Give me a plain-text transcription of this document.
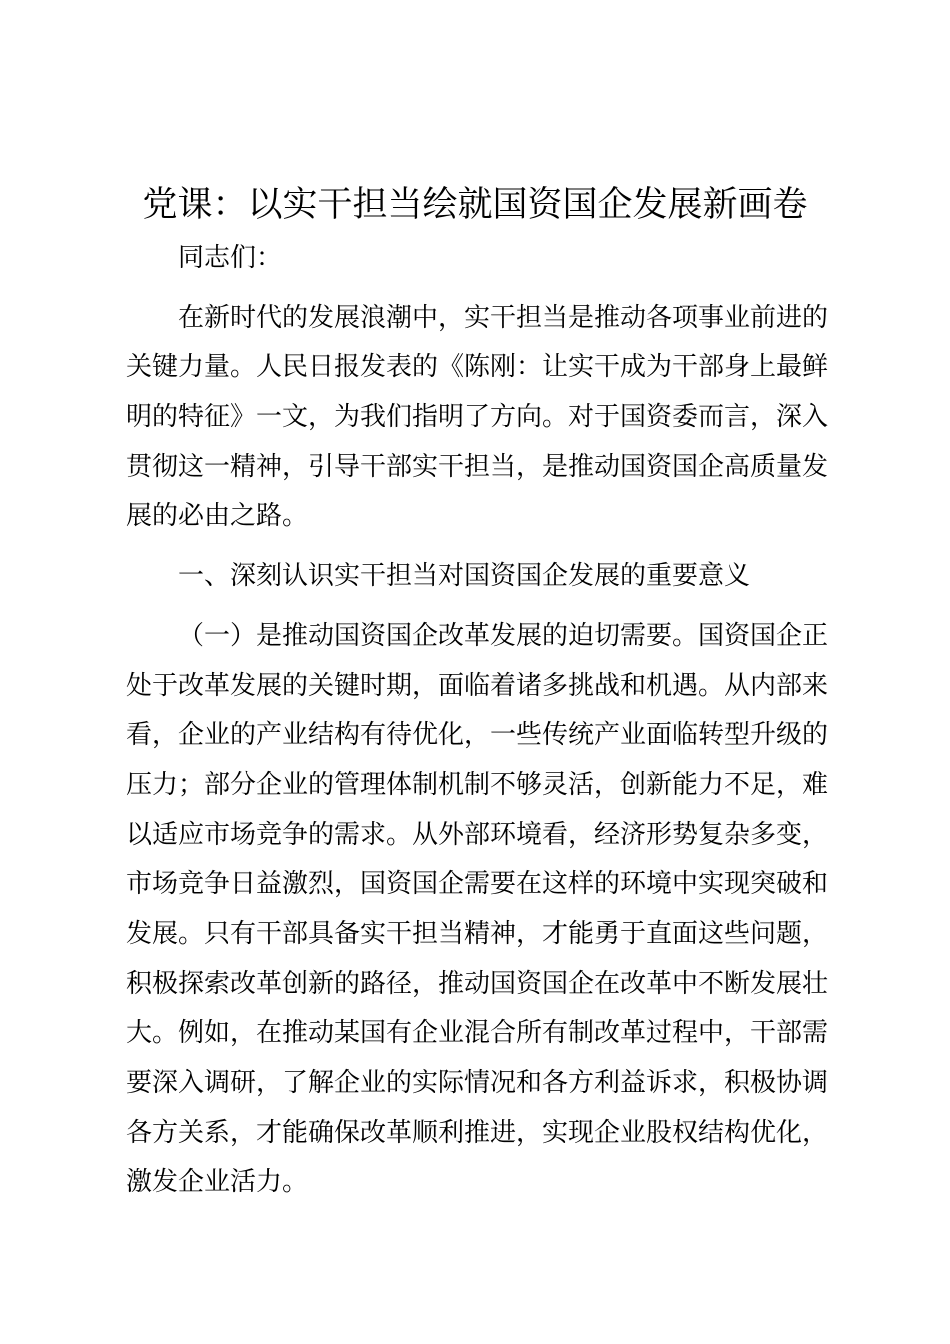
党课：以实干担当绘就国资国企发展新画卷
同志们：
在新时代的发展浪潮中，实干担当是推动各项事业前进的
关键力量。人民日报发表的《陈刚：让实干成为干部身上最鲜
明的特征》一文，为我们指明了方向。对于国资委而言，深入
贯彻这一精神，引导干部实干担当，是推动国资国企高质量发
展的必由之路。
一、深刻认识实干担当对国资国企发展的重要意义
（一）是推动国资国企改革发展的迫切需要。国资国企正
处于改革发展的关键时期，面临着诸多挑战和机遇。从内部来
看，企业的产业结构有待优化，一些传统产业面临转型升级的
压力；部分企业的管理体制机制不够灵活，创新能力不足，难
以适应市场竞争的需求。从外部环境看，经济形势复杂多变，
市场竞争日益激烈，国资国企需要在这样的环境中实现突破和
发展。只有干部具备实干担当精神，才能勇于直面这些问题，
积极探索改革创新的路径，推动国资国企在改革中不断发展壮
大。例如，在推动某国有企业混合所有制改革过程中，干部需
要深入调研，了解企业的实际情况和各方利益诉求，积极协调
各方关系，才能确保改革顺利推进，实现企业股权结构优化，
激发企业活力。
